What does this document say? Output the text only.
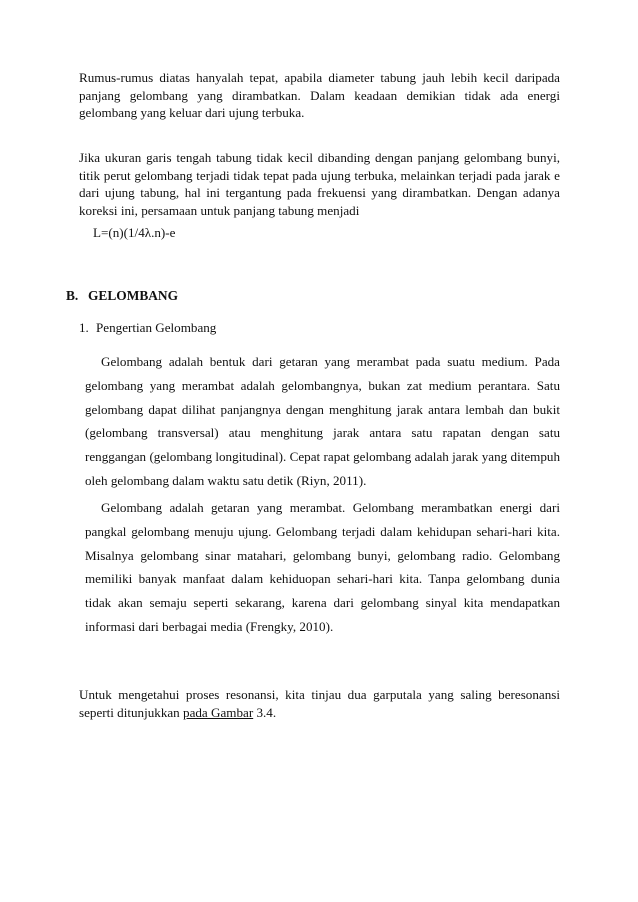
Rumus-rumus diatas hanyalah tepat, apabila diameter tabung jauh lebih kecil daripada panjang gelombang yang dirambatkan. Dalam keadaan demikian tidak ada energi gelombang yang keluar dari ujung terbuka.

Jika ukuran garis tengah tabung tidak kecil dibanding dengan panjang gelombang bunyi, titik perut gelombang terjadi tidak tepat pada ujung terbuka, melainkan terjadi pada jarak e dari ujung tabung, hal ini tergantung pada frekuensi yang dirambatkan. Dengan adanya koreksi ini, persamaan untuk panjang tabung menjadi

L=(n)(1/4λ.n)-e

B. GELOMBANG
1. Pengertian Gelombang

Gelombang adalah bentuk dari getaran yang merambat pada suatu medium. Pada gelombang yang merambat adalah gelombangnya, bukan zat medium perantara. Satu gelombang dapat dilihat panjangnya dengan menghitung jarak antara lembah dan bukit (gelombang transversal) atau menghitung jarak antara satu rapatan dengan satu renggangan (gelombang longitudinal). Cepat rapat gelombang adalah jarak yang ditempuh oleh gelombang dalam waktu satu detik (Riyn, 2011).

Gelombang adalah getaran yang merambat. Gelombang merambatkan energi dari pangkal gelombang menuju ujung. Gelombang terjadi dalam kehidupan sehari-hari kita. Misalnya gelombang sinar matahari, gelombang bunyi, gelombang radio. Gelombang memiliki banyak manfaat dalam kehiduopan sehari-hari kita. Tanpa gelombang dunia tidak akan semaju seperti sekarang, karena dari gelombang sinyal kita mendapatkan informasi dari berbagai media (Frengky, 2010).

Untuk mengetahui proses resonansi, kita tinjau dua garputala yang saling beresonansi seperti ditunjukkan pada Gambar 3.4.
